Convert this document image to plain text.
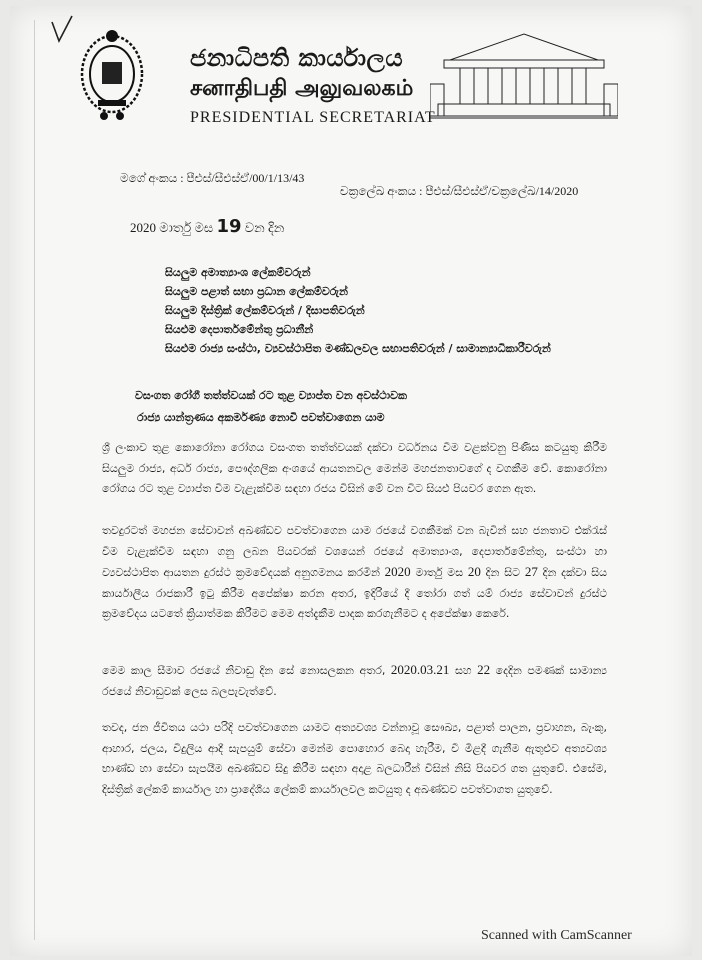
ජනාධිපති කාර්යාලය
சனாதிபதி அலுவலகம்
PRESIDENTIAL SECRETARIAT
මගේ අංකය : පීඑස්/සීඑස්ඒ/00/1/13/43
චක්‍රලේඛ අංකය : පීඑස්/සීඑස්ඒ/චක්‍රලේඛ/14/2020
2020 මාර්තු මස 19 වන දින
සියලුම අමාත්‍යාංශ ලේකම්වරුන්
සියලුම පළාත් සභා ප්‍රධාන ලේකම්වරුන්
සියලුම දිස්ත්‍රික් ලේකම්වරුන් / දිසාපතිවරුන්
සියළුම දෙපාර්තමේන්තු ප්‍රධානීන්
සියළුම රාජ්‍ය සංස්ථා, ව්‍යවස්ථාපිත මණ්ඩලවල සභාපතිවරුන් / සාමාන්‍යාධිකාරීවරුන්
වසංගත රෝගී තත්ත්වයක් රට තුළ ව්‍යාප්ත වන අවස්ථාවක
රාජ්‍ය යාන්ත්‍රණය අකර්මණ්‍ය නොවී පවත්වාගෙන යාම
ශ්‍රී ලංකාව තුළ කොරෝනා රෝගය වසංගත තත්ත්වයක් දක්වා වර්ධනය වීම වළක්වනු පිණිස කටයුතු කිරීම සියලුම රාජ්‍ය, අර්ධ රාජ්‍ය, පෞද්ගලික අංශයේ ආයතනවල මෙන්ම මහජනතාවගේ ද වගකීම වේ. කොරෝනා රෝගය රට තුළ ව්‍යාප්ත වීම වැළැක්වීම සඳහා රජය විසින් මේ වන විට සියළු පියවර ගෙන ඇත.
තවදුරටත් මහජන සේවාවන් අඛණ්ඩව පවත්වාගෙන යාම රජයේ වගකීමක් වන බැවින් සහ ජනතාව එක්රැස් වීම වැළැක්වීම සඳහා ගනු ලබන පියවරක් වශයෙන් රජයේ අමාත්‍යාංශ, දෙපාර්තමේන්තු, සංස්ථා හා ව්‍යවස්ථාපිත ආයතන දුරස්ථ ක්‍රමවේදයක් අනුගමනය කරමින් 2020 මාර්තු මස 20 දින සිට 27 දින දක්වා සිය කාර්යාලීය රාජකාරී ඉටු කිරීම අපේක්ෂා කරන අතර, ඉදිරියේ දී තෝරා ගත් යම් රාජ්‍ය සේවාවන් දුරස්ථ ක්‍රමවේදය යටතේ ක්‍රියාත්මක කිරීමට මෙම අත්දැකීම පාදක කරගැනීමට ද අපේක්ෂා කෙරේ.
මෙම කාල සීමාව රජයේ නිවාඩු දින සේ නොසලකන අතර, 2020.03.21 සහ 22 දෙදින පමණක් සාමාන්‍ය රජයේ නිවාඩුවක් ලෙස බලපැවැත්වේ.
තවද, ජන ජීවිතය යථා පරිදි පවත්වාගෙන යාමට අත්‍යවශ්‍ය වන්නාවූ සෞඛ්‍ය, පළාත් පාලන, ප්‍රවාහන, බැංකු, ආහාර, ජලය, විදුලිය ආදී සැපයුම් සේවා මෙන්ම පොහොර බෙදා හැරීම, වී මිළදී ගැනීම ඇතුළුව අත්‍යවශ්‍ය භාණ්ඩ හා සේවා සැපයීම අඛණ්ඩව සිදු කිරීම සඳහා අදාළ බලධාරීන් විසින් නිසි පියවර ගත යුතුවේ. එසේම, දිස්ත්‍රික් ලේකම් කාර්යාල හා ප්‍රාදේශීය ලේකම් කාර්යාලවල කටයුතු ද අඛණ්ඩව පවත්වාගත යුතුවේ.
Scanned with CamScanner
